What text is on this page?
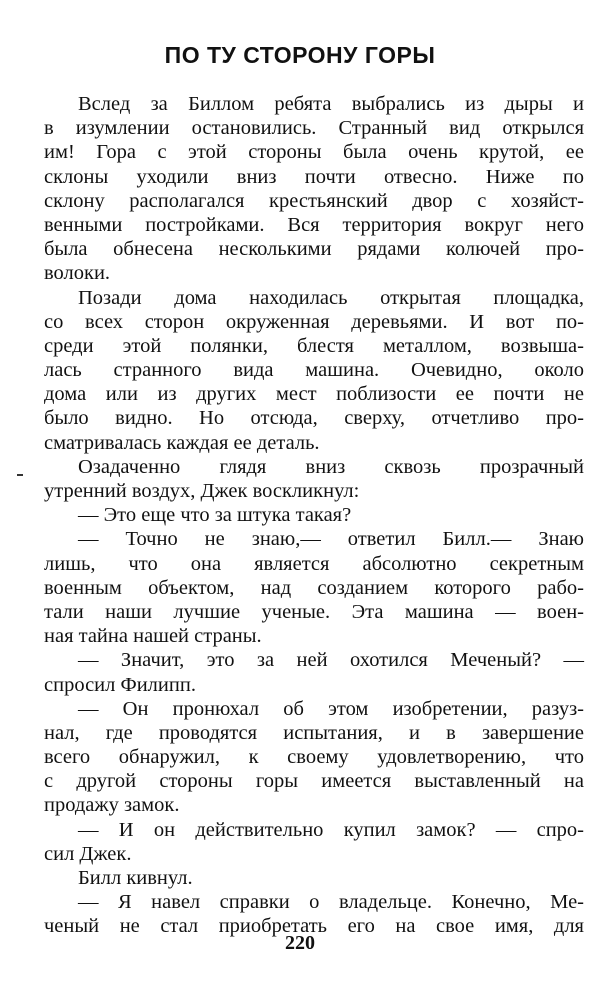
ПО ТУ СТОРОНУ ГОРЫ
Вслед за Биллом ребята выбрались из дыры и
в изумлении остановились. Странный вид открылся
им! Гора с этой стороны была очень крутой, ее
склоны уходили вниз почти отвесно. Ниже по
склону располагался крестьянский двор с хозяйст-
венными постройками. Вся территория вокруг него
была обнесена несколькими рядами колючей про-
волоки.
Позади дома находилась открытая площадка,
со всех сторон окруженная деревьями. И вот по-
среди этой полянки, блестя металлом, возвыша-
лась странного вида машина. Очевидно, около
дома или из других мест поблизости ее почти не
было видно. Но отсюда, сверху, отчетливо про-
сматривалась каждая ее деталь.
Озадаченно глядя вниз сквозь прозрачный
утренний воздух, Джек воскликнул:
— Это еще что за штука такая?
— Точно не знаю,— ответил Билл.— Знаю
лишь, что она является абсолютно секретным
военным объектом, над созданием которого рабо-
тали наши лучшие ученые. Эта машина — воен-
ная тайна нашей страны.
— Значит, это за ней охотился Меченый? —
спросил Филипп.
— Он пронюхал об этом изобретении, разуз-
нал, где проводятся испытания, и в завершение
всего обнаружил, к своему удовлетворению, что
с другой стороны горы имеется выставленный на
продажу замок.
— И он действительно купил замок? — спро-
сил Джек.
Билл кивнул.
— Я навел справки о владельце. Конечно, Ме-
ченый не стал приобретать его на свое имя, для
220
